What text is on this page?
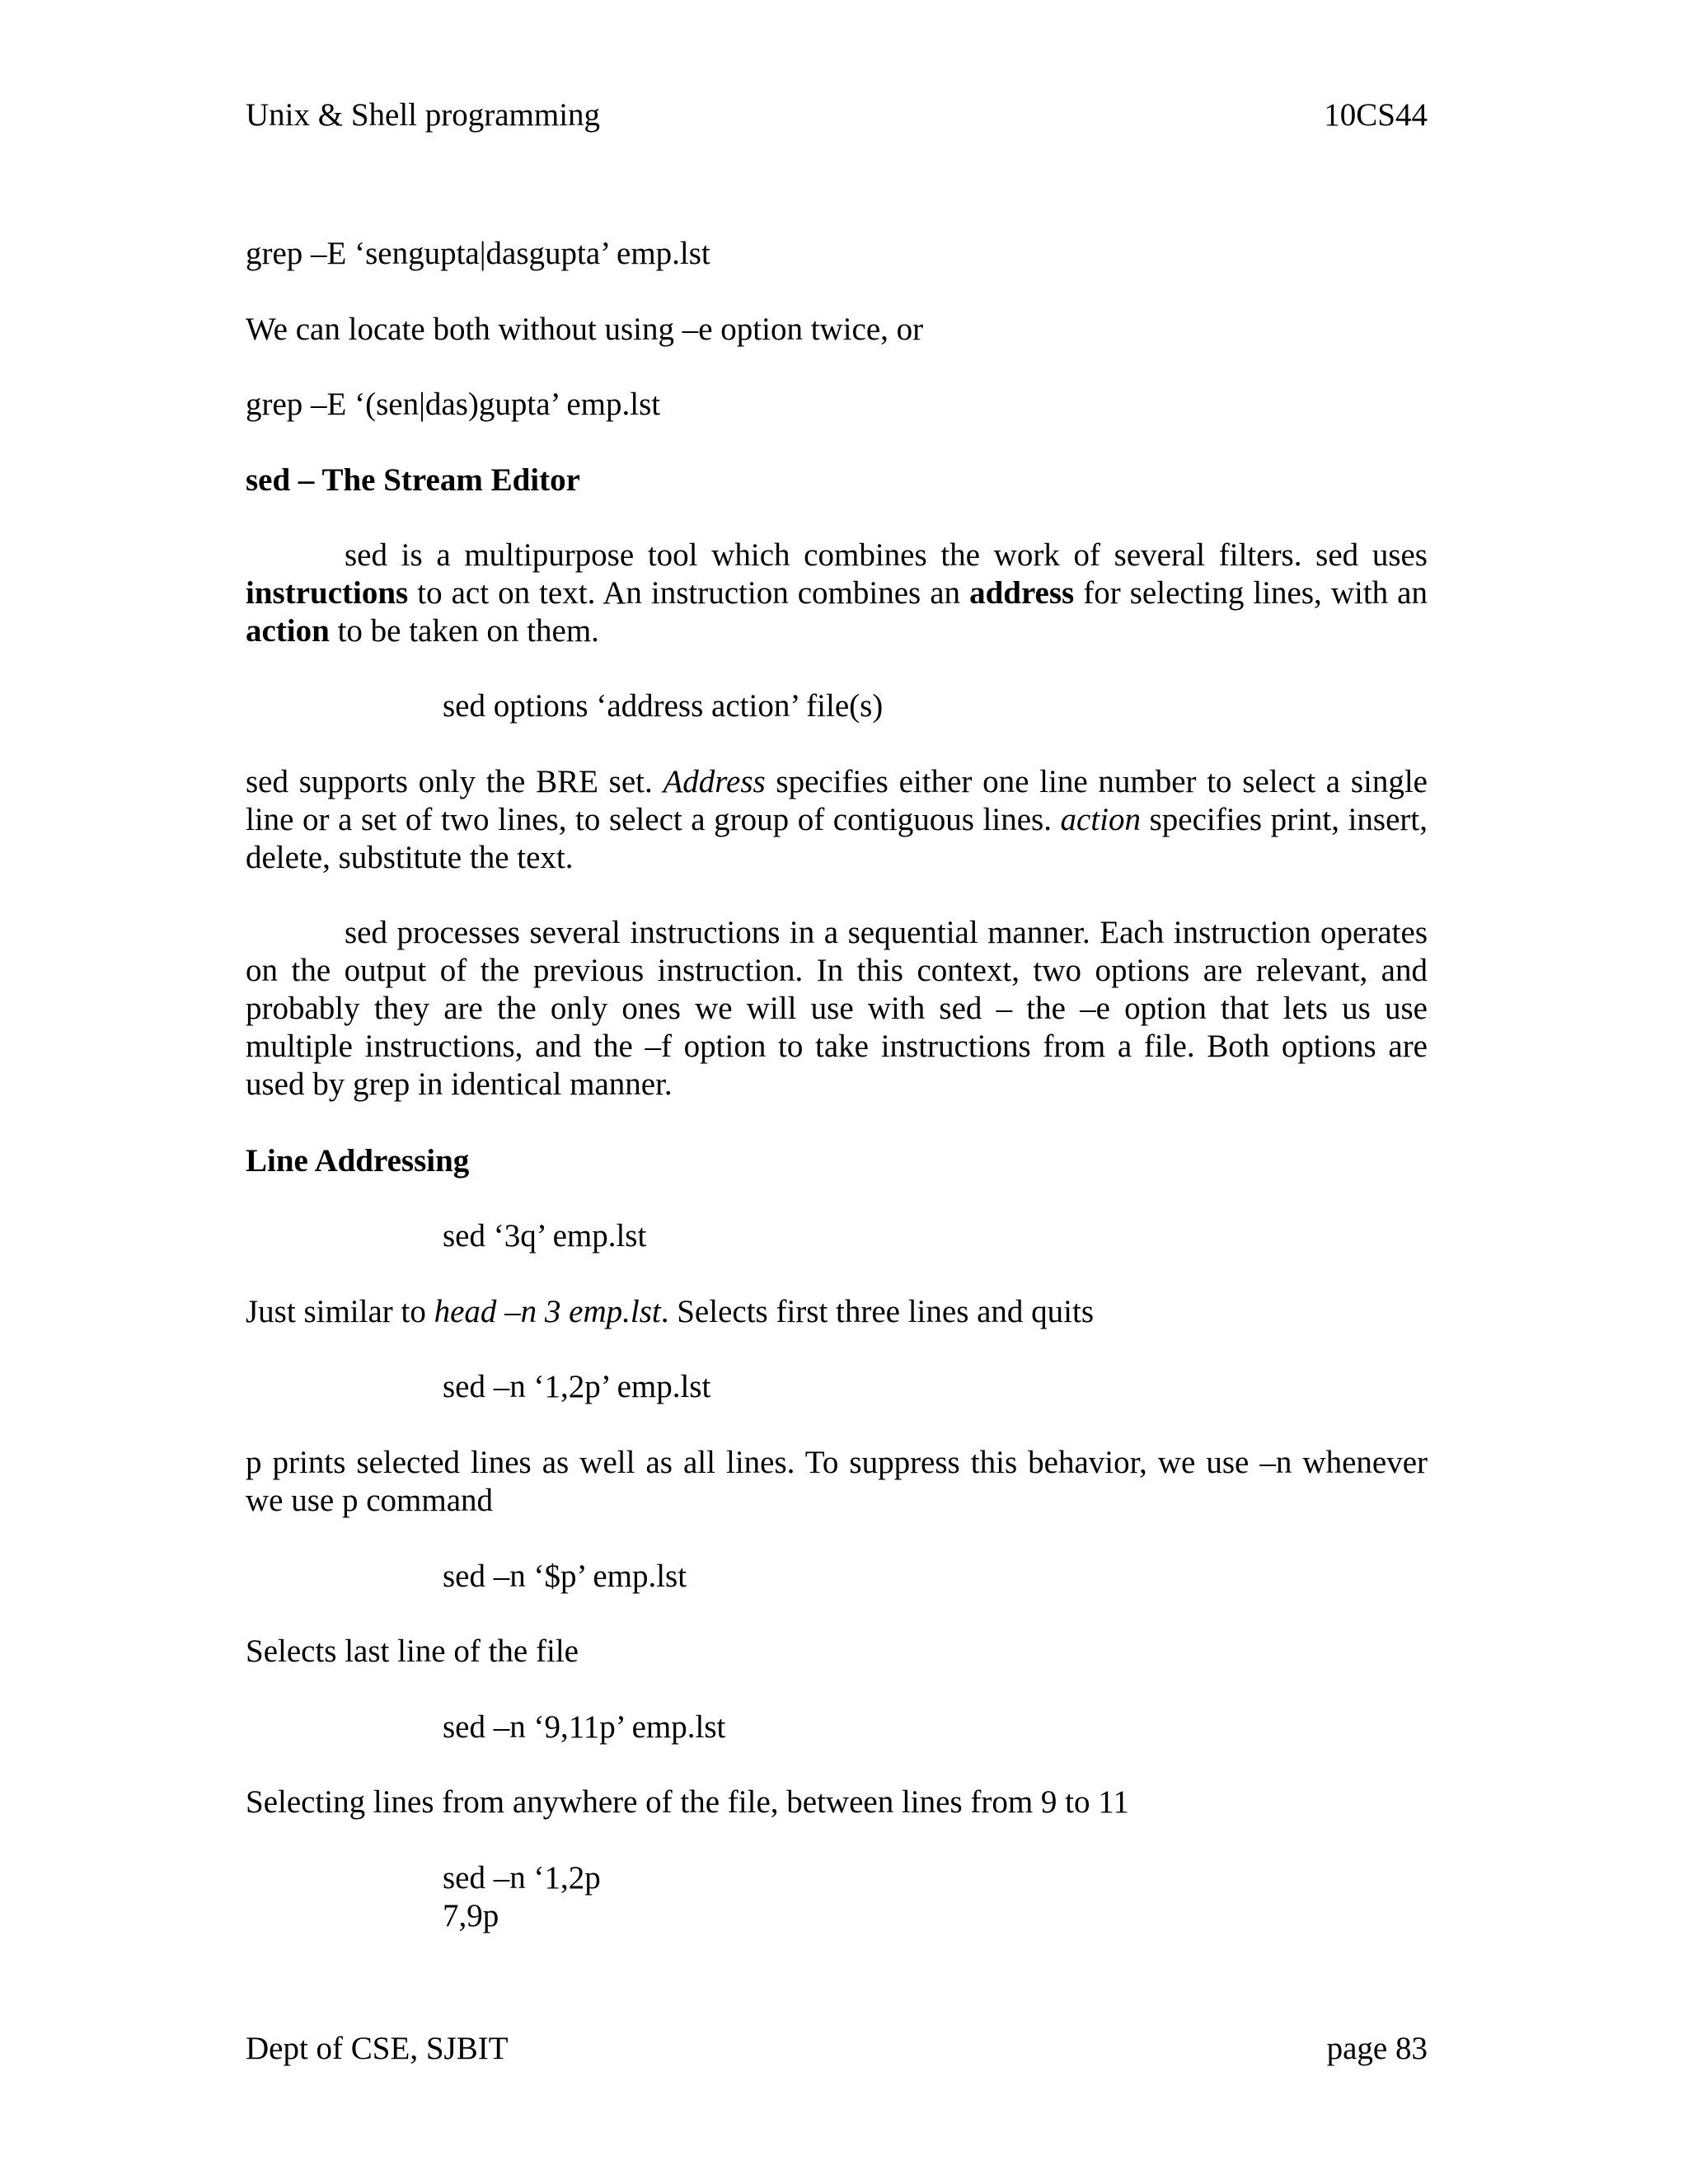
Unix & Shell programming	10CS44

grep –E ‘sengupta|dasgupta’ emp.lst

We can locate both without using –e option twice, or

grep –E ‘(sen|das)gupta’ emp.lst

sed – The Stream Editor

sed is a multipurpose tool which combines the work of several filters. sed uses instructions to act on text. An instruction combines an address for selecting lines, with an action to be taken on them.

sed options ‘address action’ file(s)

sed supports only the BRE set. Address specifies either one line number to select a single line or a set of two lines, to select a group of contiguous lines. action specifies print, insert, delete, substitute the text.

sed processes several instructions in a sequential manner. Each instruction operates on the output of the previous instruction. In this context, two options are relevant, and probably they are the only ones we will use with sed – the –e option that lets us use multiple instructions, and the –f option to take instructions from a file. Both options are used by grep in identical manner.

Line Addressing

sed ‘3q’ emp.lst

Just similar to head –n 3 emp.lst. Selects first three lines and quits

sed –n ‘1,2p’ emp.lst

p prints selected lines as well as all lines. To suppress this behavior, we use –n whenever we use p command

sed –n ‘$p’ emp.lst

Selects last line of the file

sed –n ‘9,11p’ emp.lst

Selecting lines from anywhere of the file, between lines from 9 to 11

sed –n ‘1,2p

7,9p

Dept of CSE, SJBIT	page 83
